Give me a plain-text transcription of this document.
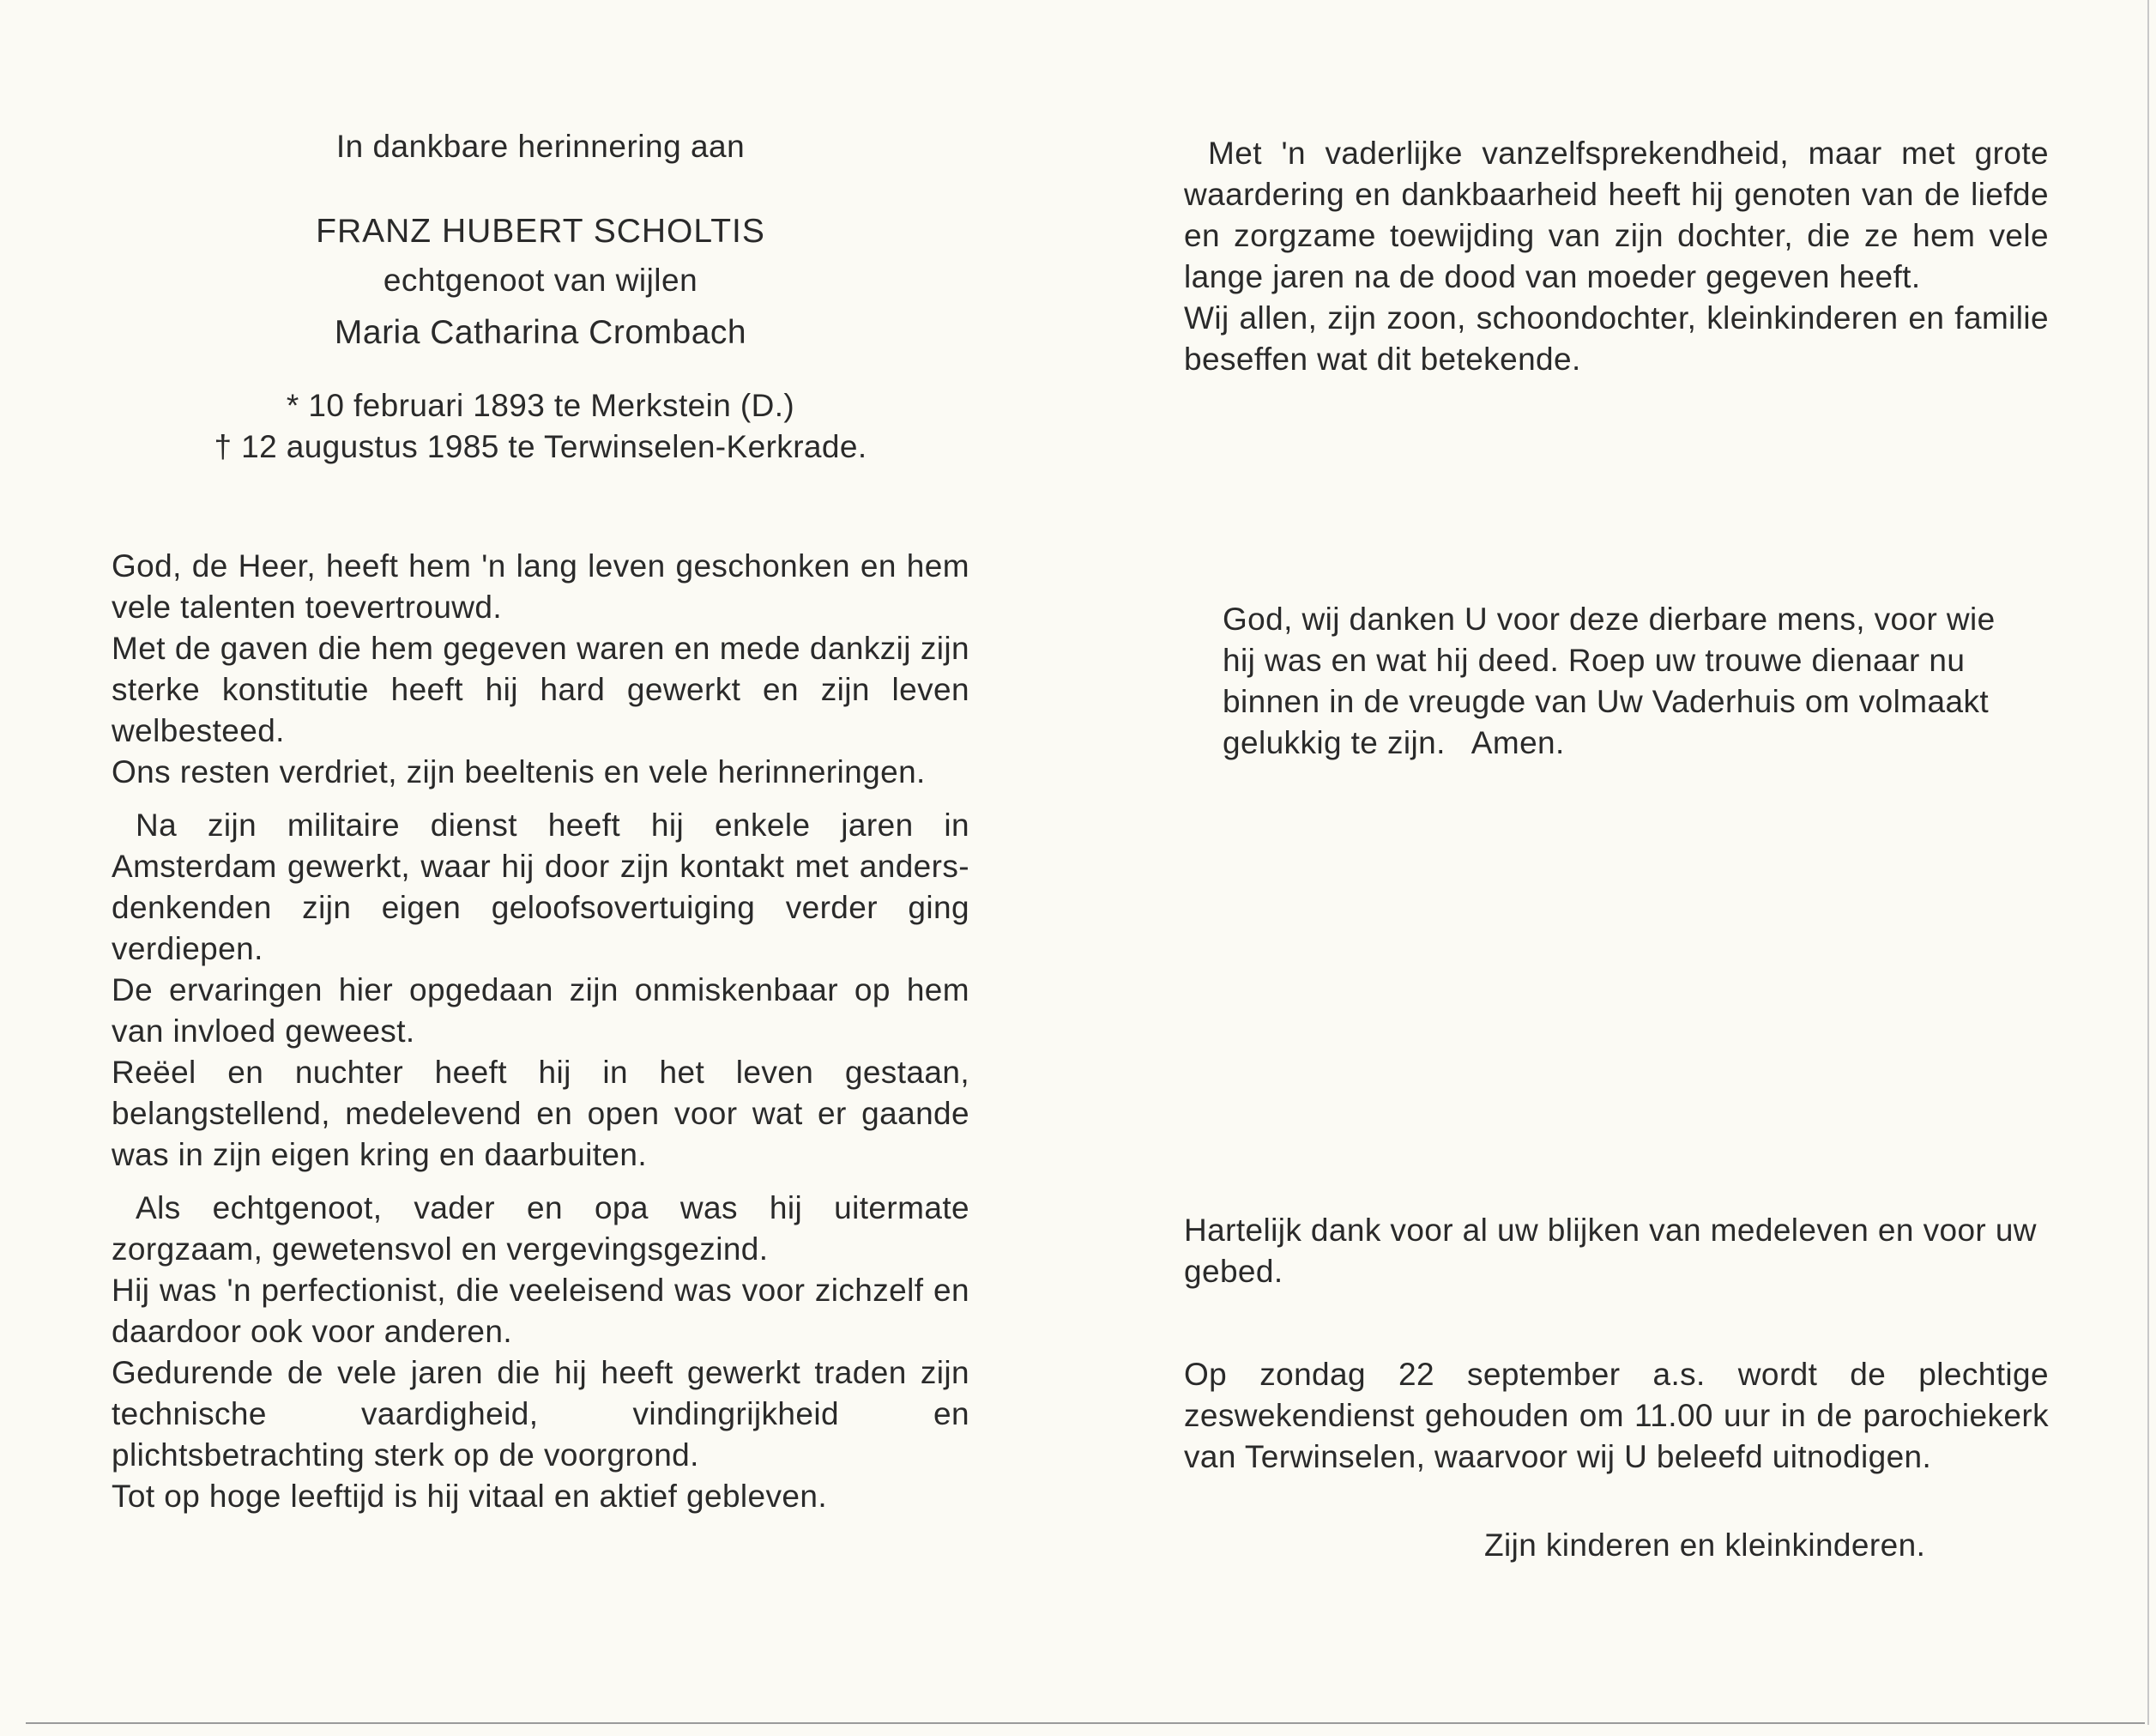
In dankbare herinnering aan
FRANZ HUBERT SCHOLTIS
echtgenoot van wijlen
Maria Catharina Crombach
* 10 februari 1893 te Merkstein (D.)
† 12 augustus 1985 te Terwinselen-Kerkrade.

God, de Heer, heeft hem 'n lang leven geschonken en hem vele talenten toevertrouwd.

Met de gaven die hem gegeven waren en mede dankzij zijn sterke konstitutie heeft hij hard gewerkt en zijn leven welbesteed.

Ons resten verdriet, zijn beeltenis en vele herinneringen.

Na zijn militaire dienst heeft hij enkele jaren in Amsterdam gewerkt, waar hij door zijn kontakt met anders-denkenden zijn eigen geloofsovertuiging verder ging verdiepen.

De ervaringen hier opgedaan zijn onmiskenbaar op hem van invloed geweest.

Reëel en nuchter heeft hij in het leven gestaan, belangstellend, medelevend en open voor wat er gaande was in zijn eigen kring en daarbuiten.

Als echtgenoot, vader en opa was hij uitermate zorgzaam, gewetensvol en vergevingsgezind.

Hij was 'n perfectionist, die veeleisend was voor zichzelf en daardoor ook voor anderen.

Gedurende de vele jaren die hij heeft gewerkt traden zijn technische vaardigheid, vindingrijkheid en plichtsbetrachting sterk op de voorgrond.

Tot op hoge leeftijd is hij vitaal en aktief gebleven.

Met 'n vaderlijke vanzelfsprekendheid, maar met grote waardering en dankbaarheid heeft hij genoten van de liefde en zorgzame toewijding van zijn dochter, die ze hem vele lange jaren na de dood van moeder gegeven heeft.

Wij allen, zijn zoon, schoondochter, kleinkinderen en familie beseffen wat dit betekende.

God, wij danken U voor deze dierbare mens, voor wie hij was en wat hij deed. Roep uw trouwe dienaar nu binnen in de vreugde van Uw Vaderhuis om volmaakt gelukkig te zijn. Amen.
Hartelijk dank voor al uw blijken van medeleven en voor uw gebed.
Op zondag 22 september a.s. wordt de plechtige zeswekendienst gehouden om 11.00 uur in de parochiekerk van Terwinselen, waarvoor wij U beleefd uitnodigen.
Zijn kinderen en kleinkinderen.
